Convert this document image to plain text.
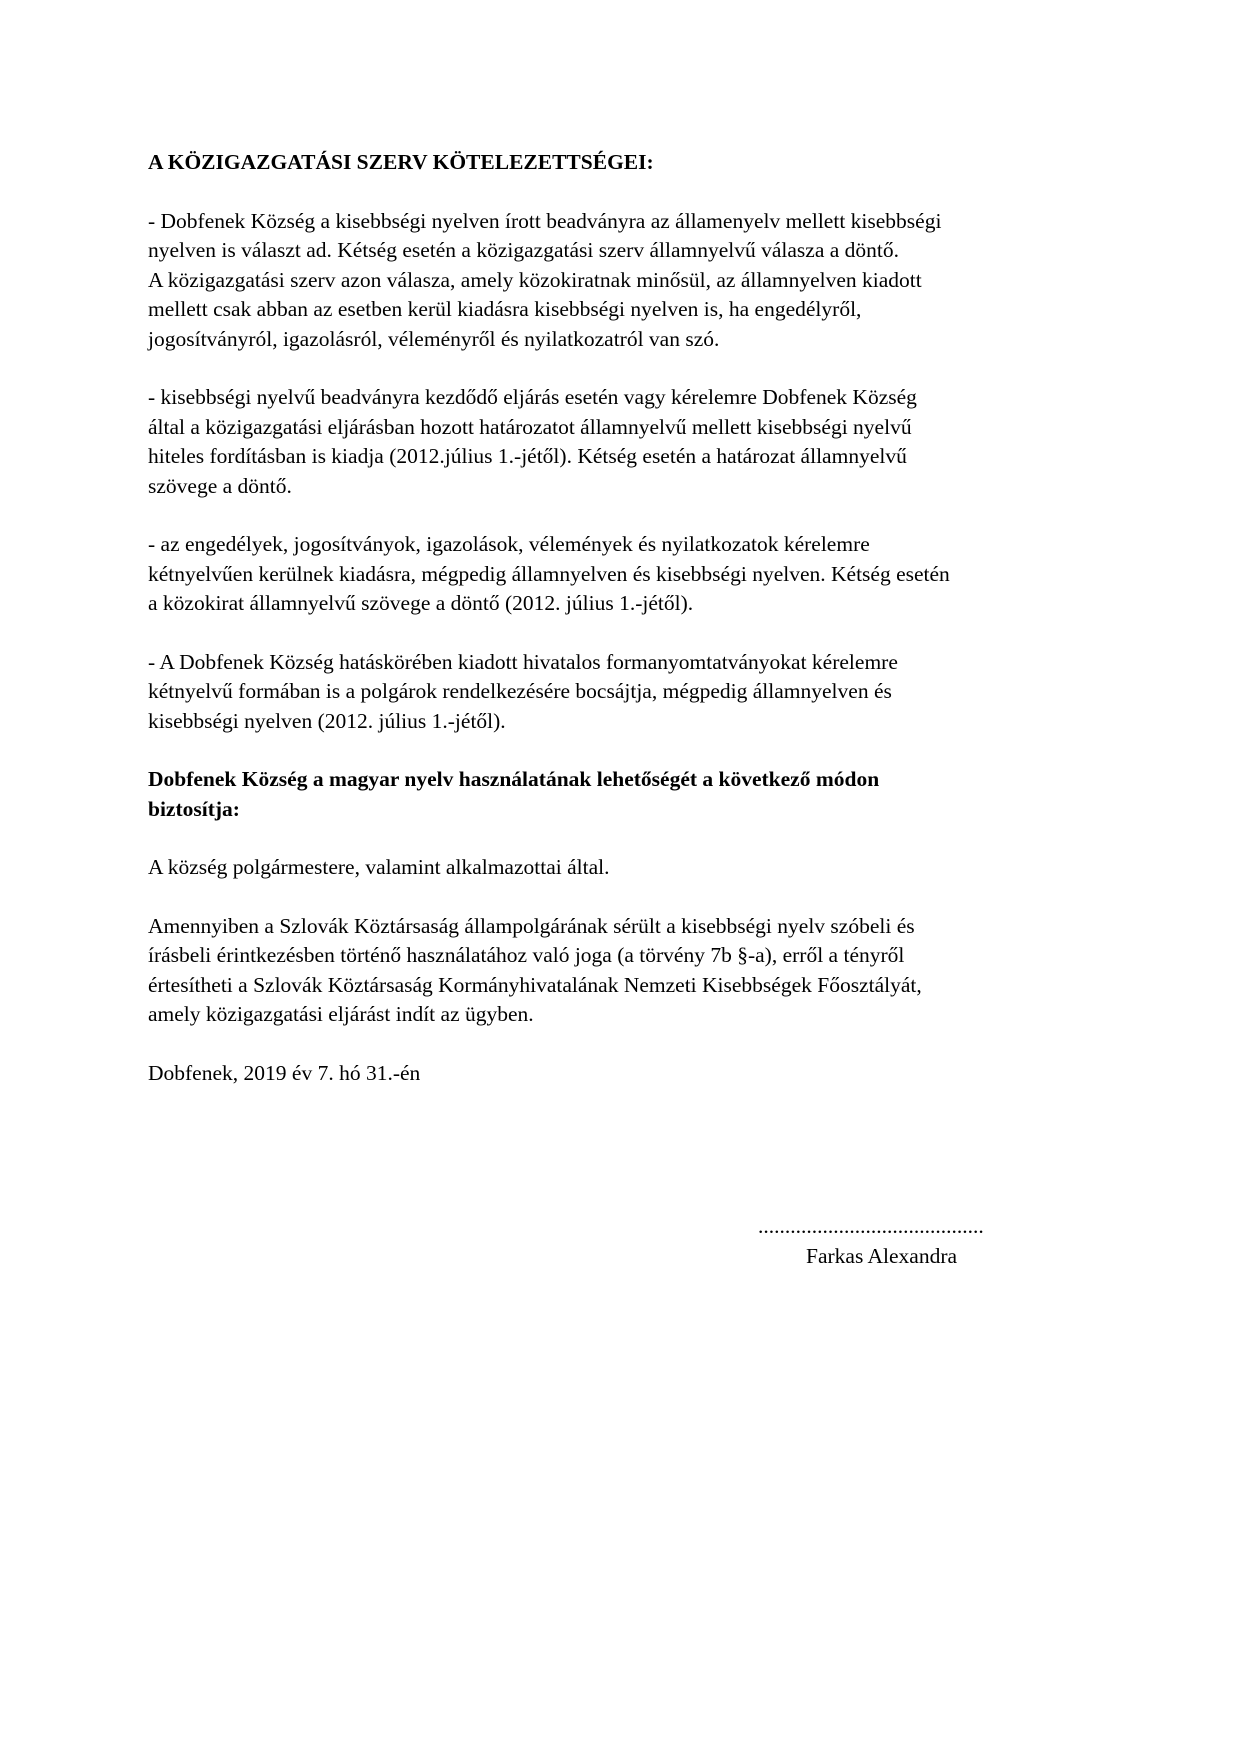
A KÖZIGAZGATÁSI SZERV KÖTELEZETTSÉGEI:
- Dobfenek Község a kisebbségi nyelven írott beadványra az államenyelv mellett kisebbségi
nyelven is választ ad. Kétség esetén a közigazgatási szerv államnyelvű válasza a döntő.
A közigazgatási szerv azon válasza, amely közokiratnak minősül, az államnyelven kiadott
mellett csak abban az esetben kerül kiadásra kisebbségi nyelven is, ha engedélyről,
jogosítványról, igazolásról, véleményről és nyilatkozatról van szó.
- kisebbségi nyelvű beadványra kezdődő eljárás esetén vagy kérelemre Dobfenek Község
által a közigazgatási eljárásban hozott határozatot államnyelvű mellett kisebbségi nyelvű
hiteles fordításban is kiadja (2012.július 1.-jétől). Kétség esetén a határozat államnyelvű
szövege a döntő.
- az engedélyek, jogosítványok, igazolások, vélemények és nyilatkozatok kérelemre
kétnyelvűen kerülnek kiadásra, mégpedig államnyelven és kisebbségi nyelven. Kétség esetén
a közokirat államnyelvű szövege a döntő (2012. július 1.-jétől).
- A Dobfenek Község hatáskörében kiadott hivatalos formanyomtatványokat kérelemre
kétnyelvű formában is a polgárok rendelkezésére bocsájtja, mégpedig államnyelven és
kisebbségi nyelven (2012. július 1.-jétől).
Dobfenek Község a magyar nyelv használatának lehetőségét a következő módon
biztosítja:
A község polgármestere, valamint alkalmazottai által.
Amennyiben a Szlovák Köztársaság állampolgárának sérült a kisebbségi nyelv szóbeli és
írásbeli érintkezésben történő használatához való joga (a törvény 7b §-a), erről a tényről
értesítheti a Szlovák Köztársaság Kormányhivatalának Nemzeti Kisebbségek Főosztályát,
amely közigazgatási eljárást indít az ügyben.
Dobfenek, 2019 év 7. hó 31.-én
..........................................
Farkas Alexandra
